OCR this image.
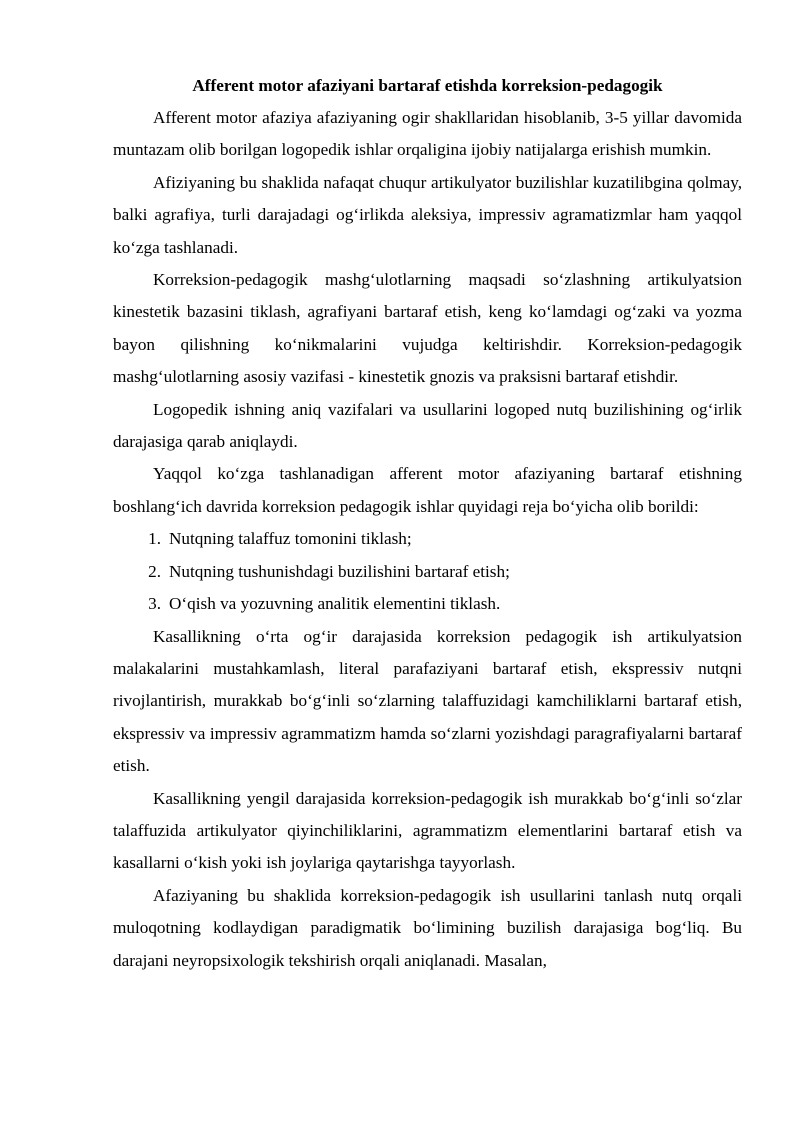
Afferent motor afaziyani bartaraf etishda korreksion-pedagogik

Afferent motor afaziya afaziyaning ogir shakllaridan hisoblanib, 3-5 yillar davomida muntazam olib borilgan logopedik ishlar orqaligina ijobiy natijalarga erishish mumkin.

Afiziyaning bu shaklida nafaqat chuqur artikulyator buzilishlar kuzatilibgina qolmay, balki agrafiya, turli darajadagi og‘irlikda aleksiya, impressiv agramatizmlar ham yaqqol ko‘zga tashlanadi.

Korreksion-pedagogik mashg‘ulotlarning maqsadi so‘zlashning artikulyatsion kinestetik bazasini tiklash, agrafiyani bartaraf etish, keng ko‘lamdagi og‘zaki va yozma bayon qilishning ko‘nikmalarini vujudga keltirishdir. Korreksion-pedagogik mashg‘ulotlarning asosiy vazifasi - kinestetik gnozis va praksisni bartaraf etishdir.

Logopedik ishning aniq vazifalari va usullarini logoped nutq buzilishining og‘irlik darajasiga qarab aniqlaydi.

Yaqqol ko‘zga tashlanadigan afferent motor afaziyaning bartaraf etishning boshlang‘ich davrida korreksion pedagogik ishlar quyidagi reja bo‘yicha olib borildi:

1. Nutqning talaffuz tomonini tiklash;
2. Nutqning tushunishdagi buzilishini bartaraf etish;
3. O‘qish va yozuvning analitik elementini tiklash.

Kasallikning o‘rta og‘ir darajasida korreksion pedagogik ish artikulyatsion malakalarini mustahkamlash, literal parafaziyani bartaraf etish, ekspressiv nutqni rivojlantirish, murakkab bo‘g‘inli so‘zlarning talaffuzidagi kamchiliklarni bartaraf etish, ekspressiv va impressiv agrammatizm hamda so‘zlarni yozishdagi paragrafiyalarni bartaraf etish.

Kasallikning yengil darajasida korreksion-pedagogik ish murakkab bo‘g‘inli so‘zlar talaffuzida artikulyator qiyinchiliklarini, agrammatizm elementlarini bartaraf etish va kasallarni o‘kish yoki ish joylariga qaytarishga tayyorlash.

Afaziyaning bu shaklida korreksion-pedagogik ish usullarini tanlash nutq orqali muloqotning kodlaydigan paradigmatik bo‘limining buzilish darajasiga bog‘liq. Bu darajani neyropsixologik tekshirish orqali aniqlanadi. Masalan,
